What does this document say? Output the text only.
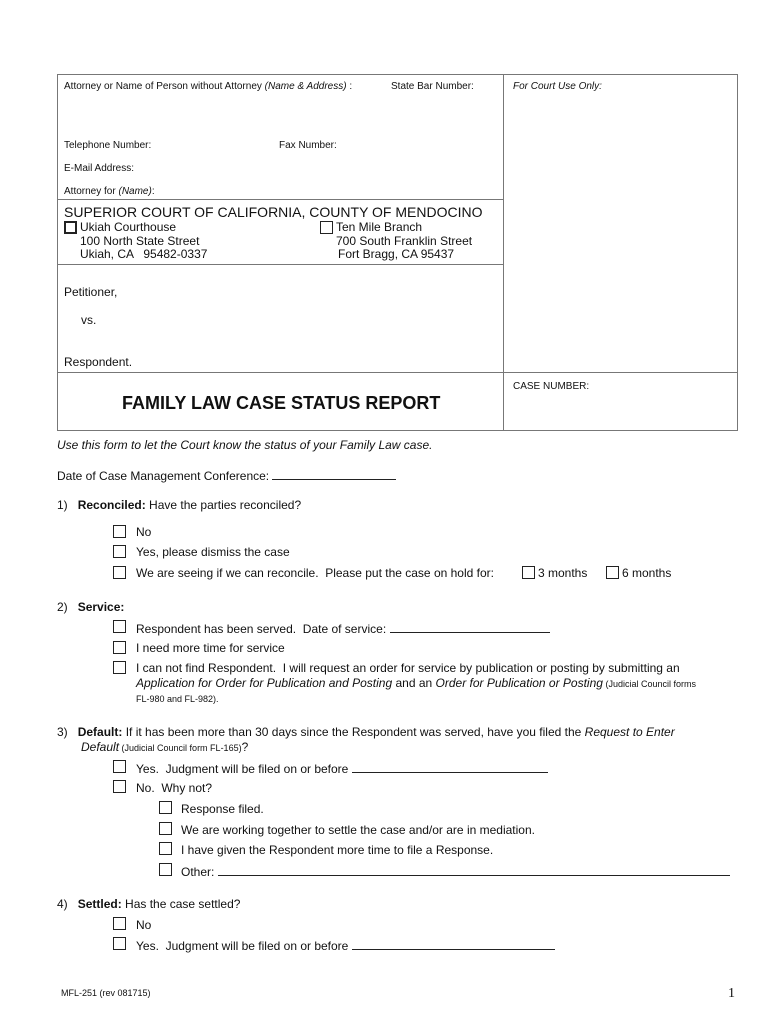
Attorney or Name of Person without Attorney (Name & Address) :	State Bar Number:	For Court Use Only:
Telephone Number:	Fax Number:
E-Mail Address:
Attorney for (Name):
SUPERIOR COURT OF CALIFORNIA, COUNTY OF MENDOCINO
Ukiah Courthouse
100 North State Street
Ukiah, CA   95482-0337
Ten Mile Branch
700 South Franklin Street
Fort Bragg, CA 95437
Petitioner,
vs.
Respondent.
CASE NUMBER:
FAMILY LAW CASE STATUS REPORT
Use this form to let the Court know the status of your Family Law case.
Date of Case Management Conference:
1) Reconciled: Have the parties reconciled?
No
Yes, please dismiss the case
We are seeing if we can reconcile.  Please put the case on hold for:	3 months	6 months
2) Service:
Respondent has been served.  Date of service:
I need more time for service
I can not find Respondent.  I will request an order for service by publication or posting by submitting an
Application for Order for Publication and Posting and an Order for Publication or Posting (Judicial Council forms
FL-980 and FL-982).
3) Default: If it has been more than 30 days since the Respondent was served, have you filed the Request to Enter
Default (Judicial Council form FL-165)?
Yes.  Judgment will be filed on or before
No.  Why not?
Response filed.
We are working together to settle the case and/or are in mediation.
I have given the Respondent more time to file a Response.
Other:
4) Settled: Has the case settled?
No
Yes.  Judgment will be filed on or before
MFL-251 (rev 081715)	1
